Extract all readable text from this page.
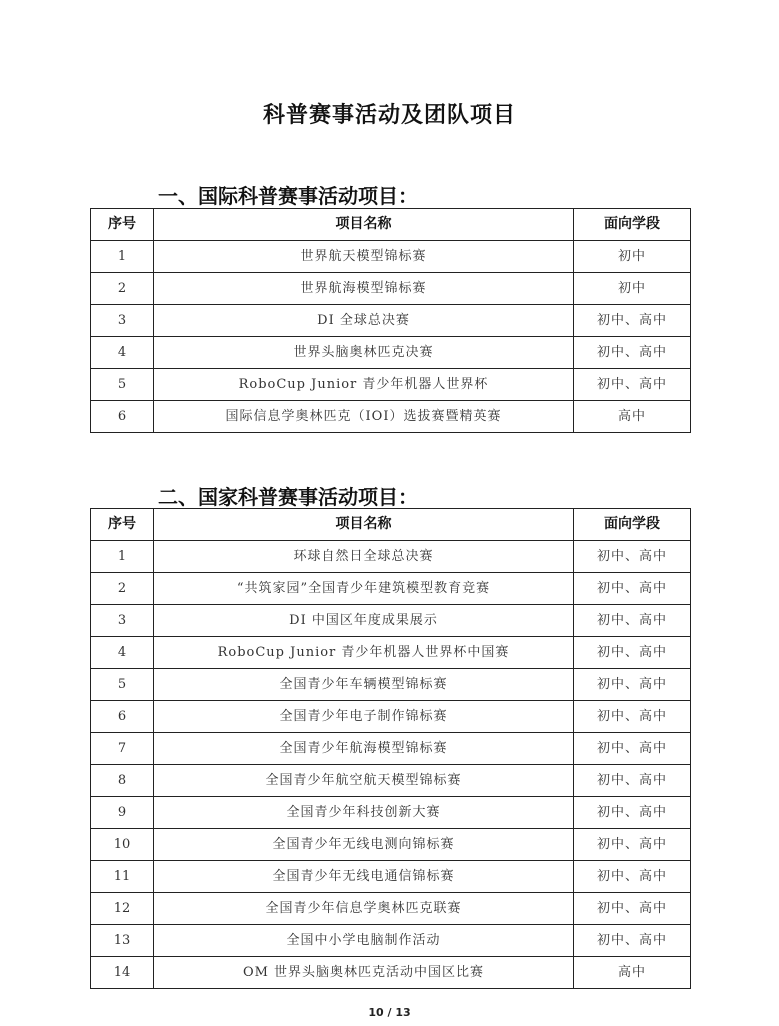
科普赛事活动及团队项目
一、国际科普赛事活动项目：
序号	项目名称	面向学段
1	世界航天模型锦标赛	初中
2	世界航海模型锦标赛	初中
3	DI 全球总决赛	初中、高中
4	世界头脑奥林匹克决赛	初中、高中
5	RoboCup Junior 青少年机器人世界杯	初中、高中
6	国际信息学奥林匹克（IOI）选拔赛暨精英赛	高中
二、国家科普赛事活动项目：
序号	项目名称	面向学段
1	环球自然日全球总决赛	初中、高中
2	“共筑家园”全国青少年建筑模型教育竞赛	初中、高中
3	DI 中国区年度成果展示	初中、高中
4	RoboCup Junior 青少年机器人世界杯中国赛	初中、高中
5	全国青少年车辆模型锦标赛	初中、高中
6	全国青少年电子制作锦标赛	初中、高中
7	全国青少年航海模型锦标赛	初中、高中
8	全国青少年航空航天模型锦标赛	初中、高中
9	全国青少年科技创新大赛	初中、高中
10	全国青少年无线电测向锦标赛	初中、高中
11	全国青少年无线电通信锦标赛	初中、高中
12	全国青少年信息学奥林匹克联赛	初中、高中
13	全国中小学电脑制作活动	初中、高中
14	OM 世界头脑奥林匹克活动中国区比赛	高中
10 / 13
